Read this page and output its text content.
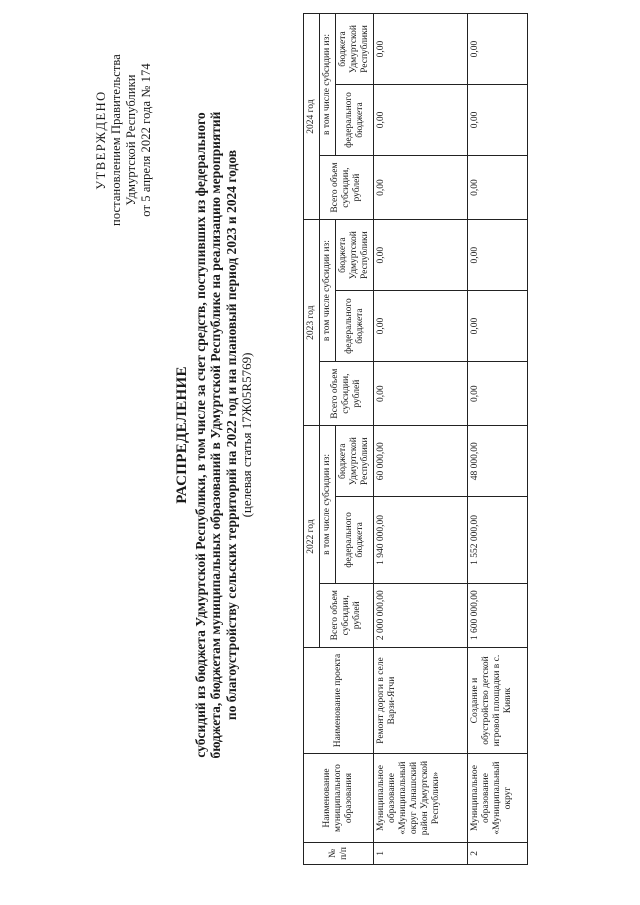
УТВЕРЖДЕНО постановлением Правительства Удмуртской Республики от 5 апреля 2022 года № 174
РАСПРЕДЕЛЕНИЕ субсидий из бюджета Удмуртской Республики, в том числе за счет средств, поступивших из федерального бюджета, бюджетам муниципальных образований в Удмуртской Республике на реализацию мероприятий по благоустройству сельских территорий на 2022 год и на плановый период 2023 и 2024 годов (целевая статья 17Ж05R5769)
№ п/п	Наименование муниципального образования	Наименование проекта	2022 год			2023 год			2024 год		
			Всего объем субсидии, рублей	в том числе субсидии из:		Всего объем субсидии, рублей	в том числе субсидии из:		Всего объем субсидии, рублей	в том числе субсидии из:	
				федерального бюджета	бюджета Удмуртской Республики		федерального бюджета	бюджета Удмуртской Республики		федерального бюджета	бюджета Удмуртской Республики
1	Муниципальное образование «Муниципальный округ Алнашский район Удмуртской Республики»	Ремонт дороги в селе Варзи-Ятчи	2 000 000,00	1 940 000,00	60 000,00	0,00	0,00	0,00	0,00	0,00	0,00
2	Муниципальное образование «Муниципальный округ	Создание и обустройство детской игровой площадки в с. Кияик	1 600 000,00	1 552 000,00	48 000,00	0,00	0,00	0,00	0,00	0,00	0,00
